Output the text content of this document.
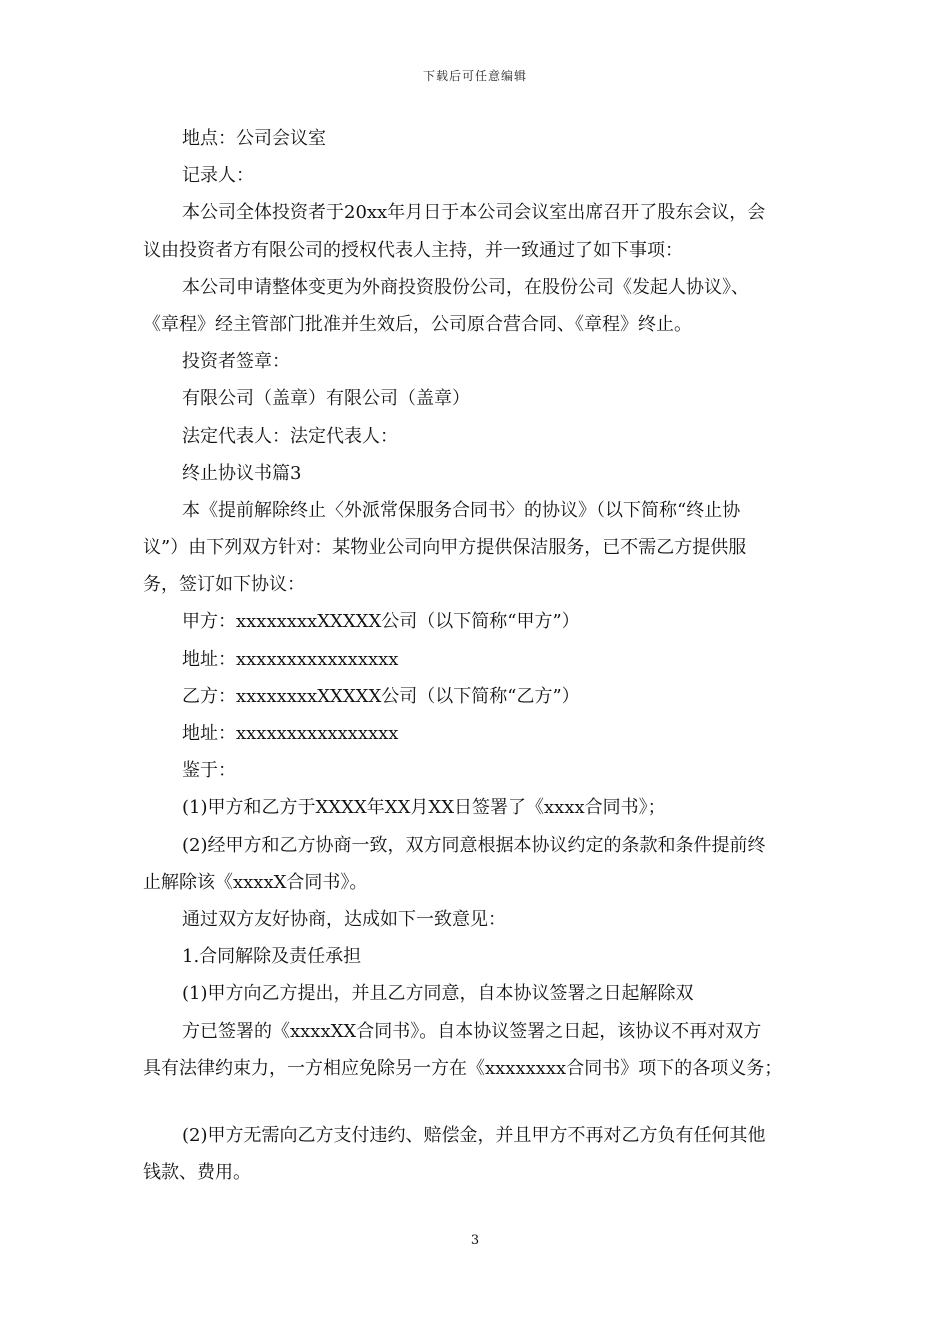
下载后可任意编辑
地点：公司会议室
记录人：
本公司全体投资者于20xx年月日于本公司会议室出席召开了股东会议，会
议由投资者方有限公司的授权代表人主持，并一致通过了如下事项：
本公司申请整体变更为外商投资股份公司，在股份公司《发起人协议》、
《章程》经主管部门批准并生效后，公司原合营合同、《章程》终止。
投资者签章：
有限公司（盖章）有限公司（盖章）
法定代表人：法定代表人：
终止协议书篇3
本《提前解除终止〈外派常保服务合同书〉的协议》（以下简称“终止协
议”）由下列双方针对：某物业公司向甲方提供保洁服务，已不需乙方提供服
务，签订如下协议：
甲方：xxxxxxxxXXXXX公司（以下简称“甲方”）
地址：xxxxxxxxxxxxxxxx
乙方：xxxxxxxxXXXXX公司（以下简称“乙方”）
地址：xxxxxxxxxxxxxxxx
鉴于：
(1)甲方和乙方于XXXX年XX月XX日签署了《xxxx合同书》；
(2)经甲方和乙方协商一致，双方同意根据本协议约定的条款和条件提前终
止解除该《xxxxX合同书》。
通过双方友好协商，达成如下一致意见：
1.合同解除及责任承担
(1)甲方向乙方提出，并且乙方同意，自本协议签署之日起解除双
方已签署的《xxxxXX合同书》。自本协议签署之日起，该协议不再对双方
具有法律约束力，一方相应免除另一方在《xxxxxxxx合同书》项下的各项义务；
(2)甲方无需向乙方支付违约、赔偿金，并且甲方不再对乙方负有任何其他
钱款、费用。
3
